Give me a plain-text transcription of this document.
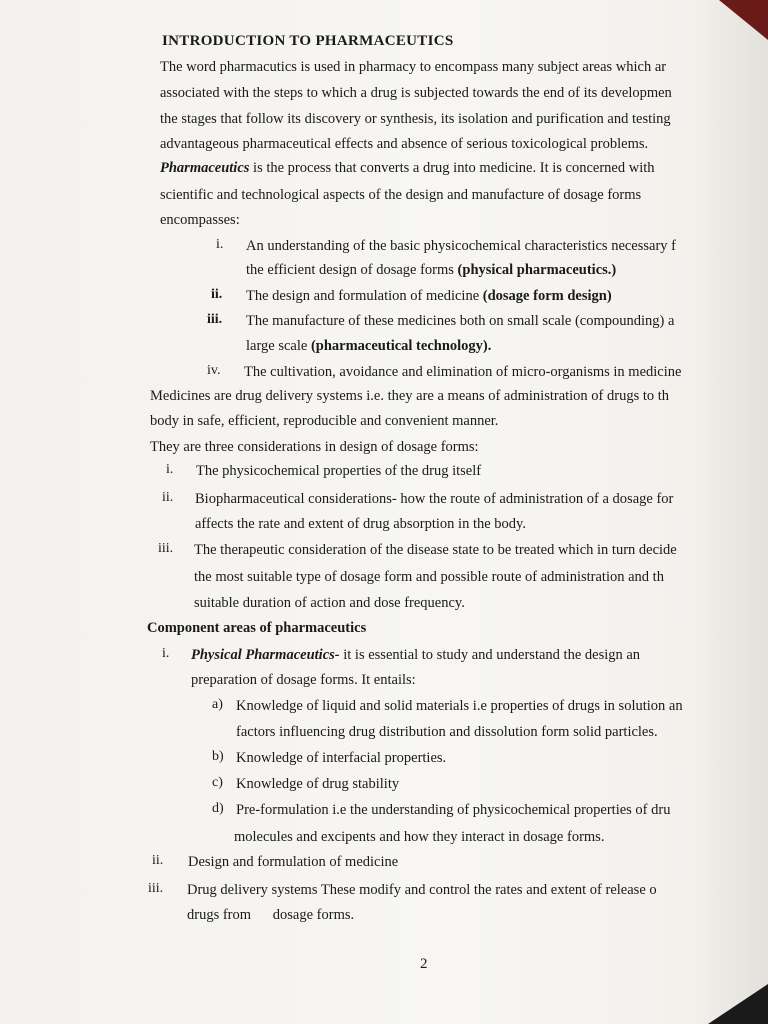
INTRODUCTION TO PHARMACEUTICS
The word pharmacutics is used in pharmacy to encompass many subject areas which ar
associated with the steps to which a drug is subjected towards the end of its developmen
the stages that follow its discovery or synthesis, its isolation and purification and testing
advantageous pharmaceutical effects and absence of serious toxicological problems.
Pharmaceutics is the process that converts a drug into medicine. It is concerned with
scientific and technological aspects of the design and manufacture of dosage forms
encompasses:
i. An understanding of the basic physicochemical characteristics necessary f
the efficient design of dosage forms (physical pharmaceutics.)
ii. The design and formulation of medicine (dosage form design)
iii. The manufacture of these medicines both on small scale (compounding) a
large scale (pharmaceutical technology).
iv. The cultivation, avoidance and elimination of micro-organisms in medicine
Medicines are drug delivery systems i.e. they are a means of administration of drugs to th
body in safe, efficient, reproducible and convenient manner.
They are three considerations in design of dosage forms:
i. The physicochemical properties of the drug itself
ii. Biopharmaceutical considerations- how the route of administration of a dosage for
affects the rate and extent of drug absorption in the body.
iii. The therapeutic consideration of the disease state to be treated which in turn decide
the most suitable type of dosage form and possible route of administration and th
suitable duration of action and dose frequency.
Component areas of pharmaceutics
i. Physical Pharmaceutics- it is essential to study and understand the design an
preparation of dosage forms. It entails:
a) Knowledge of liquid and solid materials i.e properties of drugs in solution an
factors influencing drug distribution and dissolution form solid particles.
b) Knowledge of interfacial properties.
c) Knowledge of drug stability
d) Pre-formulation i.e the understanding of physicochemical properties of dru
molecules and excipents and how they interact in dosage forms.
ii. Design and formulation of medicine
iii. Drug delivery systems These modify and control the rates and extent of release o
drugs from      dosage forms.
2
